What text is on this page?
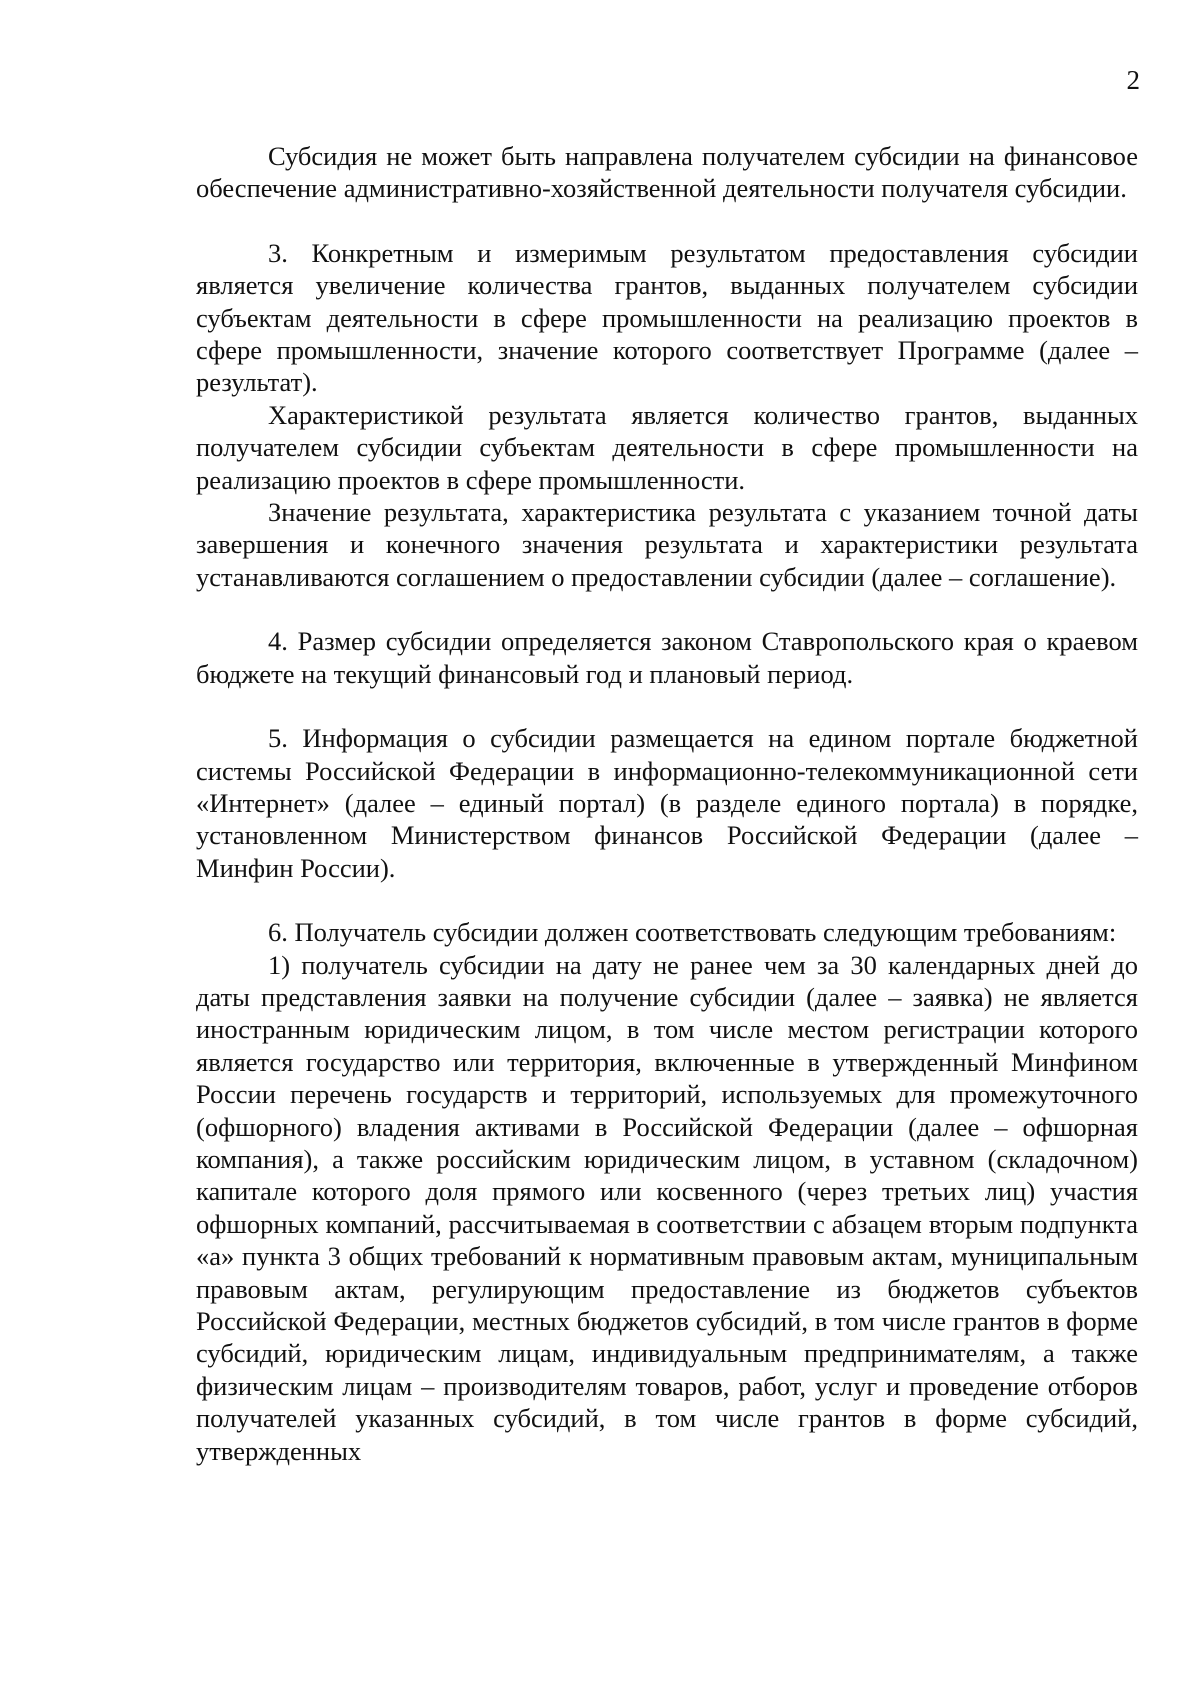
2

Субсидия не может быть направлена получателем субсидии на финансовое обеспечение административно-хозяйственной деятельности получателя субсидии.

3. Конкретным и измеримым результатом предоставления субсидии является увеличение количества грантов, выданных получателем субсидии субъектам деятельности в сфере промышленности на реализацию проектов в сфере промышленности, значение которого соответствует Программе (далее – результат).

Характеристикой результата является количество грантов, выданных получателем субсидии субъектам деятельности в сфере промышленности на реализацию проектов в сфере промышленности.

Значение результата, характеристика результата с указанием точной даты завершения и конечного значения результата и характеристики результата устанавливаются соглашением о предоставлении субсидии (далее – соглашение).

4. Размер субсидии определяется законом Ставропольского края о краевом бюджете на текущий финансовый год и плановый период.

5. Информация о субсидии размещается на едином портале бюджетной системы Российской Федерации в информационно-телекоммуникационной сети «Интернет» (далее – единый портал) (в разделе единого портала) в порядке, установленном Министерством финансов Российской Федерации (далее – Минфин России).

6. Получатель субсидии должен соответствовать следующим требованиям:

1) получатель субсидии на дату не ранее чем за 30 календарных дней до даты представления заявки на получение субсидии (далее – заявка) не является иностранным юридическим лицом, в том числе местом регистрации которого является государство или территория, включенные в утвержденный Минфином России перечень государств и территорий, используемых для промежуточного (офшорного) владения активами в Российской Федерации (далее – офшорная компания), а также российским юридическим лицом, в уставном (складочном) капитале которого доля прямого или косвенного (через третьих лиц) участия офшорных компаний, рассчитываемая в соответствии с абзацем вторым подпункта «а» пункта 3 общих требований к нормативным правовым актам, муниципальным правовым актам, регулирующим предоставление из бюджетов субъектов Российской Федерации, местных бюджетов субсидий, в том числе грантов в форме субсидий, юридическим лицам, индивидуальным предпринимателям, а также физическим лицам – производителям товаров, работ, услуг и проведение отборов получателей указанных субсидий, в том числе грантов в форме субсидий, утвержденных
